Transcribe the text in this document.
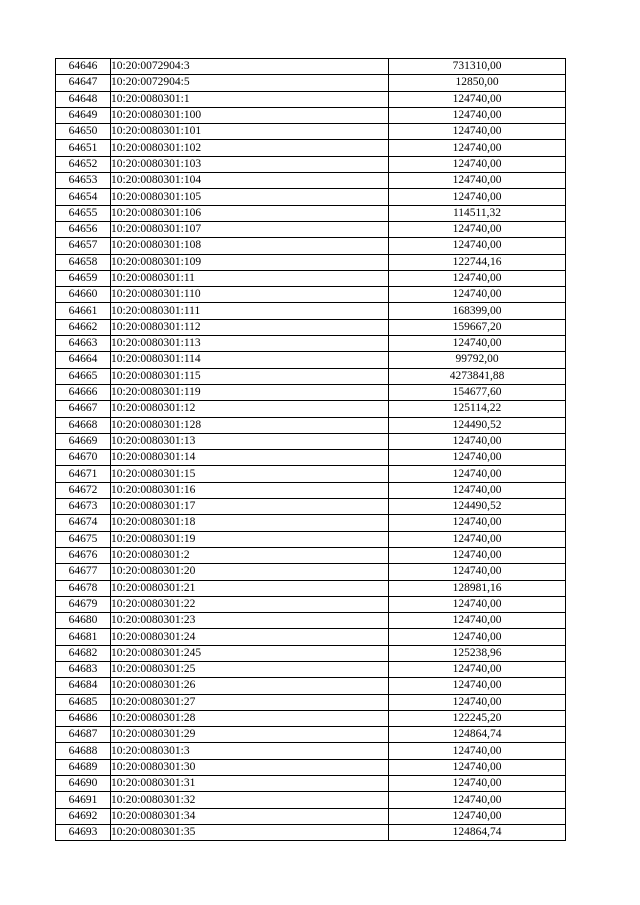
64646	10:20:0072904:3	731310,00
64647	10:20:0072904:5	12850,00
64648	10:20:0080301:1	124740,00
64649	10:20:0080301:100	124740,00
64650	10:20:0080301:101	124740,00
64651	10:20:0080301:102	124740,00
64652	10:20:0080301:103	124740,00
64653	10:20:0080301:104	124740,00
64654	10:20:0080301:105	124740,00
64655	10:20:0080301:106	114511,32
64656	10:20:0080301:107	124740,00
64657	10:20:0080301:108	124740,00
64658	10:20:0080301:109	122744,16
64659	10:20:0080301:11	124740,00
64660	10:20:0080301:110	124740,00
64661	10:20:0080301:111	168399,00
64662	10:20:0080301:112	159667,20
64663	10:20:0080301:113	124740,00
64664	10:20:0080301:114	99792,00
64665	10:20:0080301:115	4273841,88
64666	10:20:0080301:119	154677,60
64667	10:20:0080301:12	125114,22
64668	10:20:0080301:128	124490,52
64669	10:20:0080301:13	124740,00
64670	10:20:0080301:14	124740,00
64671	10:20:0080301:15	124740,00
64672	10:20:0080301:16	124740,00
64673	10:20:0080301:17	124490,52
64674	10:20:0080301:18	124740,00
64675	10:20:0080301:19	124740,00
64676	10:20:0080301:2	124740,00
64677	10:20:0080301:20	124740,00
64678	10:20:0080301:21	128981,16
64679	10:20:0080301:22	124740,00
64680	10:20:0080301:23	124740,00
64681	10:20:0080301:24	124740,00
64682	10:20:0080301:245	125238,96
64683	10:20:0080301:25	124740,00
64684	10:20:0080301:26	124740,00
64685	10:20:0080301:27	124740,00
64686	10:20:0080301:28	122245,20
64687	10:20:0080301:29	124864,74
64688	10:20:0080301:3	124740,00
64689	10:20:0080301:30	124740,00
64690	10:20:0080301:31	124740,00
64691	10:20:0080301:32	124740,00
64692	10:20:0080301:34	124740,00
64693	10:20:0080301:35	124864,74
